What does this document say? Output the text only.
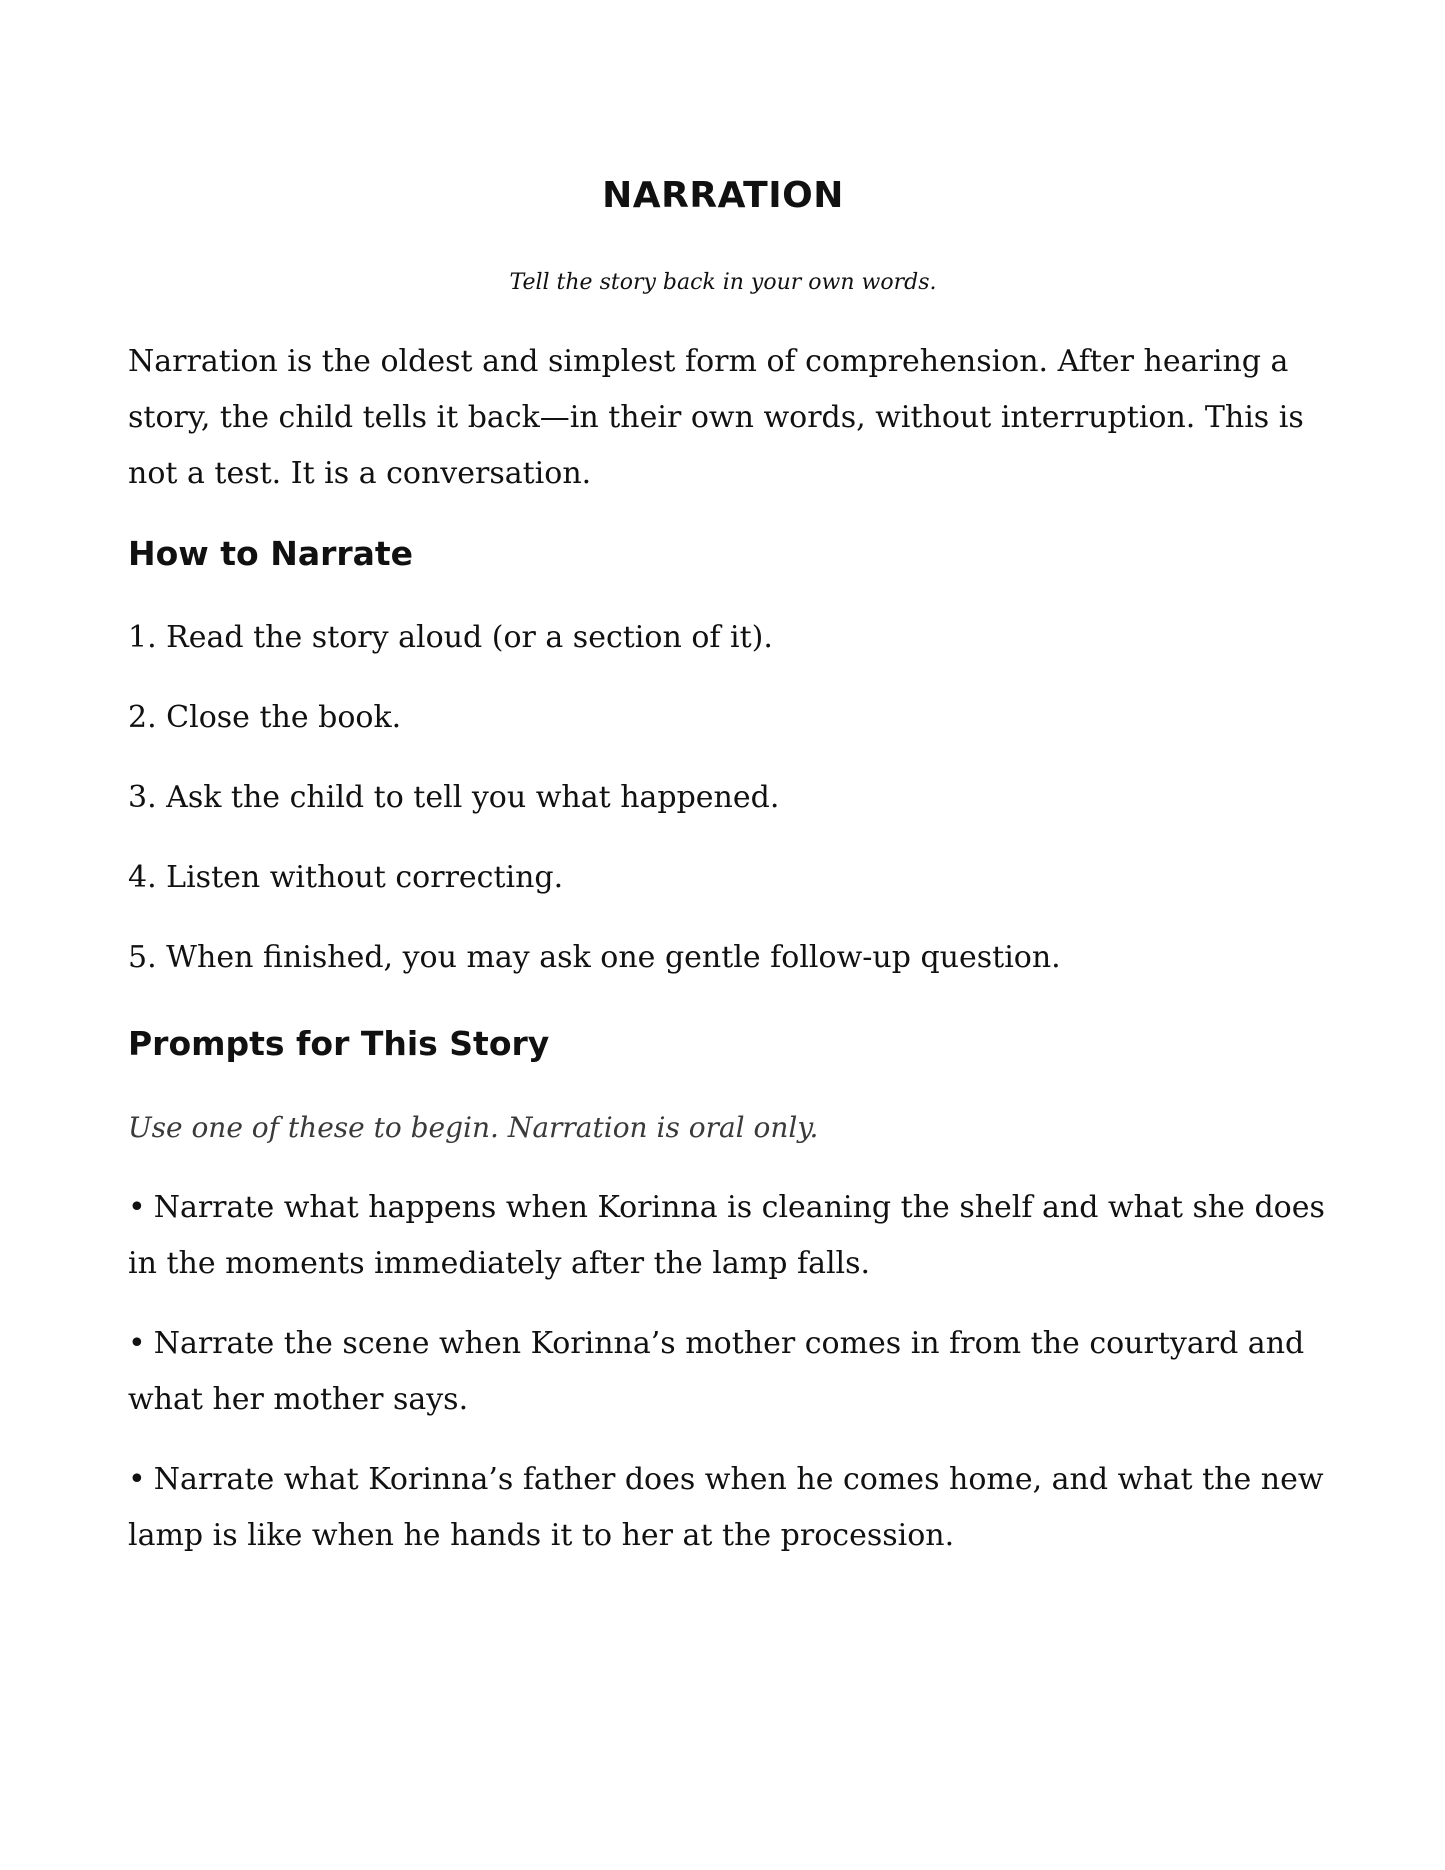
NARRATION

Tell the story back in your own words.

Narration is the oldest and simplest form of comprehension. After hearing a story, the child tells it back—in their own words, without interruption. This is not a test. It is a conversation.

How to Narrate
1. Read the story aloud (or a section of it).
2. Close the book.
3. Ask the child to tell you what happened.
4. Listen without correcting.
5. When finished, you may ask one gentle follow-up question.
Prompts for This Story

Use one of these to begin. Narration is oral only.

• Narrate what happens when Korinna is cleaning the shelf and what she does in the moments immediately after the lamp falls.
• Narrate the scene when Korinna’s mother comes in from the courtyard and what her mother says.
• Narrate what Korinna’s father does when he comes home, and what the new lamp is like when he hands it to her at the procession.
